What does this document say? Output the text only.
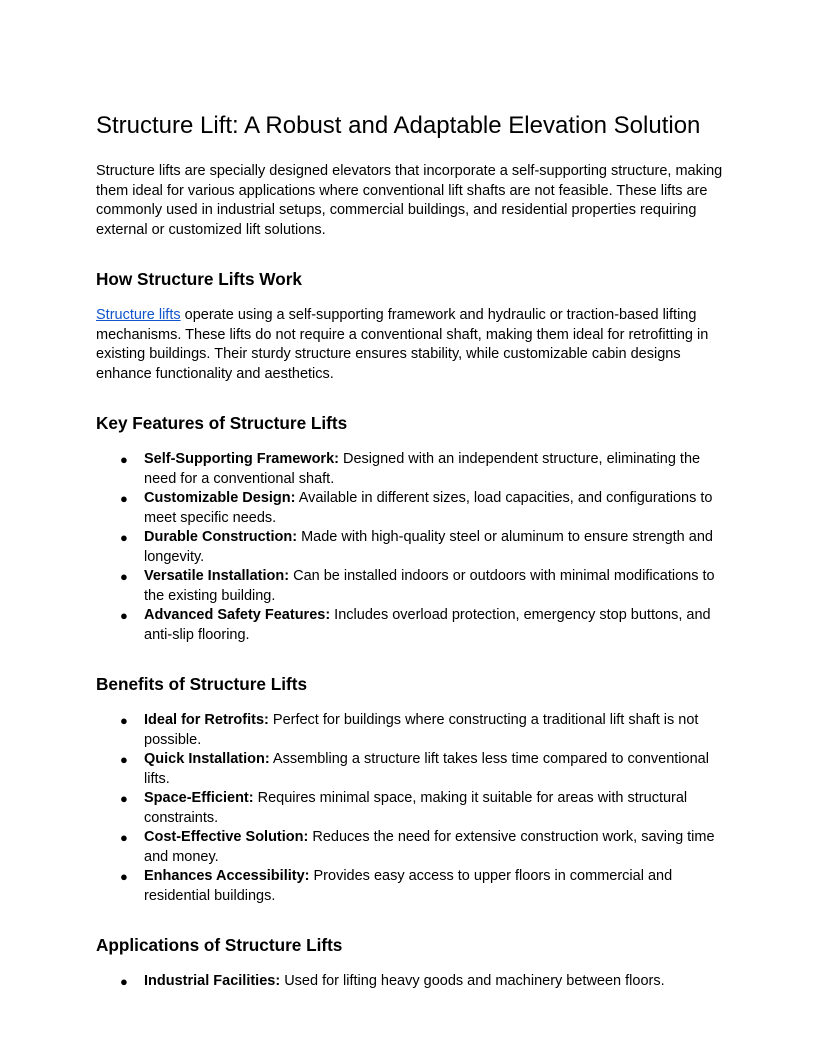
Structure Lift: A Robust and Adaptable Elevation Solution

Structure lifts are specially designed elevators that incorporate a self-supporting structure, making them ideal for various applications where conventional lift shafts are not feasible. These lifts are commonly used in industrial setups, commercial buildings, and residential properties requiring external or customized lift solutions.

How Structure Lifts Work

Structure lifts operate using a self-supporting framework and hydraulic or traction-based lifting mechanisms. These lifts do not require a conventional shaft, making them ideal for retrofitting in existing buildings. Their sturdy structure ensures stability, while customizable cabin designs enhance functionality and aesthetics.

Key Features of Structure Lifts
● Self-Supporting Framework: Designed with an independent structure, eliminating the need for a conventional shaft.
● Customizable Design: Available in different sizes, load capacities, and configurations to meet specific needs.
● Durable Construction: Made with high-quality steel or aluminum to ensure strength and longevity.
● Versatile Installation: Can be installed indoors or outdoors with minimal modifications to the existing building.
● Advanced Safety Features: Includes overload protection, emergency stop buttons, and anti-slip flooring.
Benefits of Structure Lifts
● Ideal for Retrofits: Perfect for buildings where constructing a traditional lift shaft is not possible.
● Quick Installation: Assembling a structure lift takes less time compared to conventional lifts.
● Space-Efficient: Requires minimal space, making it suitable for areas with structural constraints.
● Cost-Effective Solution: Reduces the need for extensive construction work, saving time and money.
● Enhances Accessibility: Provides easy access to upper floors in commercial and residential buildings.
Applications of Structure Lifts
● Industrial Facilities: Used for lifting heavy goods and machinery between floors.
